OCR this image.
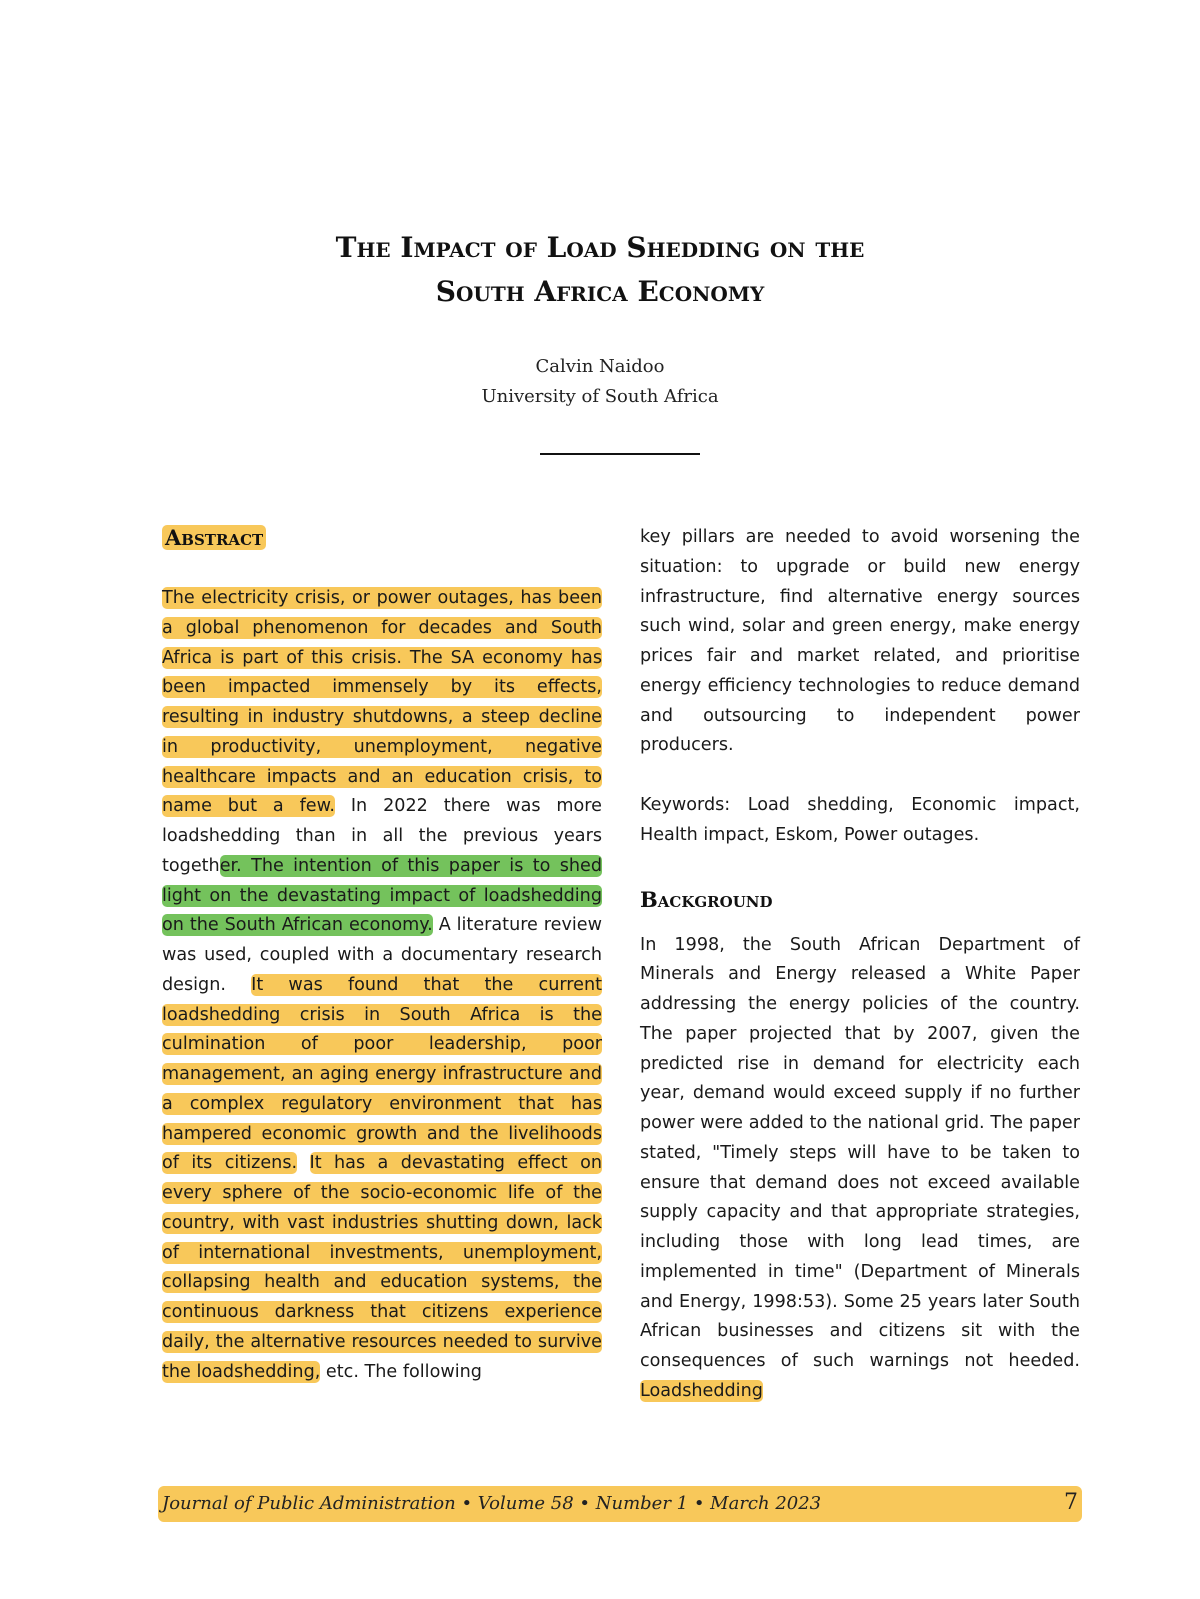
The Impact of Load Shedding on the
South Africa Economy
Calvin Naidoo
University of South Africa
Abstract

The electricity crisis, or power outages, has been a global phenomenon for decades and South Africa is part of this crisis. The SA economy has been impacted immensely by its effects, resulting in industry shutdowns, a steep decline in productivity, unemployment, negative healthcare impacts and an education crisis, to name but a few. In 2022 there was more loadshedding than in all the previous years together. The intention of this paper is to shed light on the devastating impact of loadshedding on the South African economy. A literature review was used, coupled with a documentary research design. It was found that the current loadshedding crisis in South Africa is the culmination of poor leadership, poor management, an aging energy infrastructure and a complex regulatory environment that has hampered economic growth and the livelihoods of its citizens. It has a devastating effect on every sphere of the socio-economic life of the country, with vast industries shutting down, lack of international investments, unemployment, collapsing health and education systems, the continuous darkness that citizens experience daily, the alternative resources needed to survive the loadshedding, etc. The following

key pillars are needed to avoid worsening the situation: to upgrade or build new energy infrastructure, find alternative energy sources such wind, solar and green energy, make energy prices fair and market related, and prioritise energy efficiency technologies to reduce demand and outsourcing to independent power producers.

Keywords: Load shedding, Economic impact, Health impact, Eskom, Power outages.

Background

In 1998, the South African Department of Minerals and Energy released a White Paper addressing the energy policies of the country. The paper projected that by 2007, given the predicted rise in demand for electricity each year, demand would exceed supply if no further power were added to the national grid. The paper stated, "Timely steps will have to be taken to ensure that demand does not exceed available supply capacity and that appropriate strategies, including those with long lead times, are implemented in time" (Department of Minerals and Energy, 1998:53). Some 25 years later South African businesses and citizens sit with the consequences of such warnings not heeded. Loadshedding

Journal of Public Administration • Volume 58 • Number 1 • March 2023	7
